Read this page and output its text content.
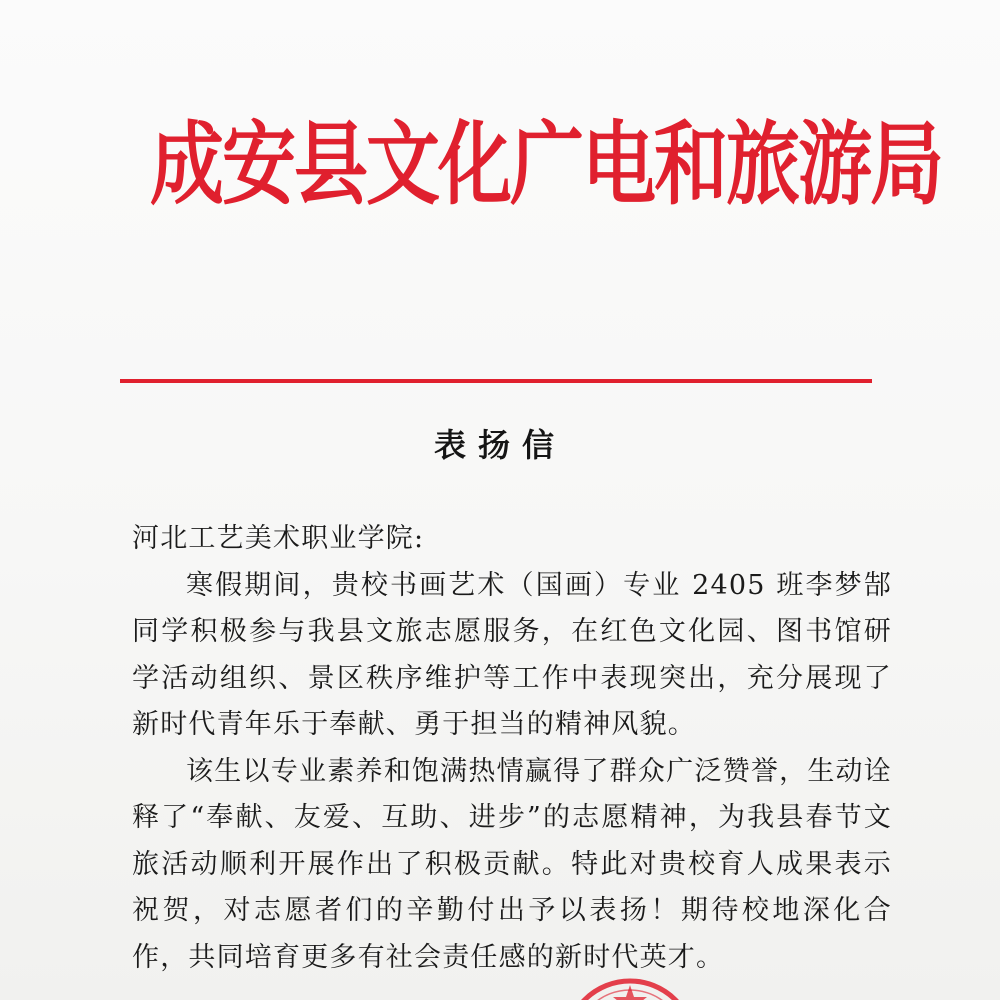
成安县文化广电和旅游局
表扬信

河北工艺美术职业学院:

寒假期间，贵校书画艺术（国画）专业 2405 班李梦郜同学积极参与我县文旅志愿服务，在红色文化园、图书馆研学活动组织、景区秩序维护等工作中表现突出，充分展现了新时代青年乐于奉献、勇于担当的精神风貌。

该生以专业素养和饱满热情赢得了群众广泛赞誉，生动诠释了“奉献、友爱、互助、进步”的志愿精神，为我县春节文旅活动顺利开展作出了积极贡献。特此对贵校育人成果表示祝贺，对志愿者们的辛勤付出予以表扬！期待校地深化合作，共同培育更多有社会责任感的新时代英才。
